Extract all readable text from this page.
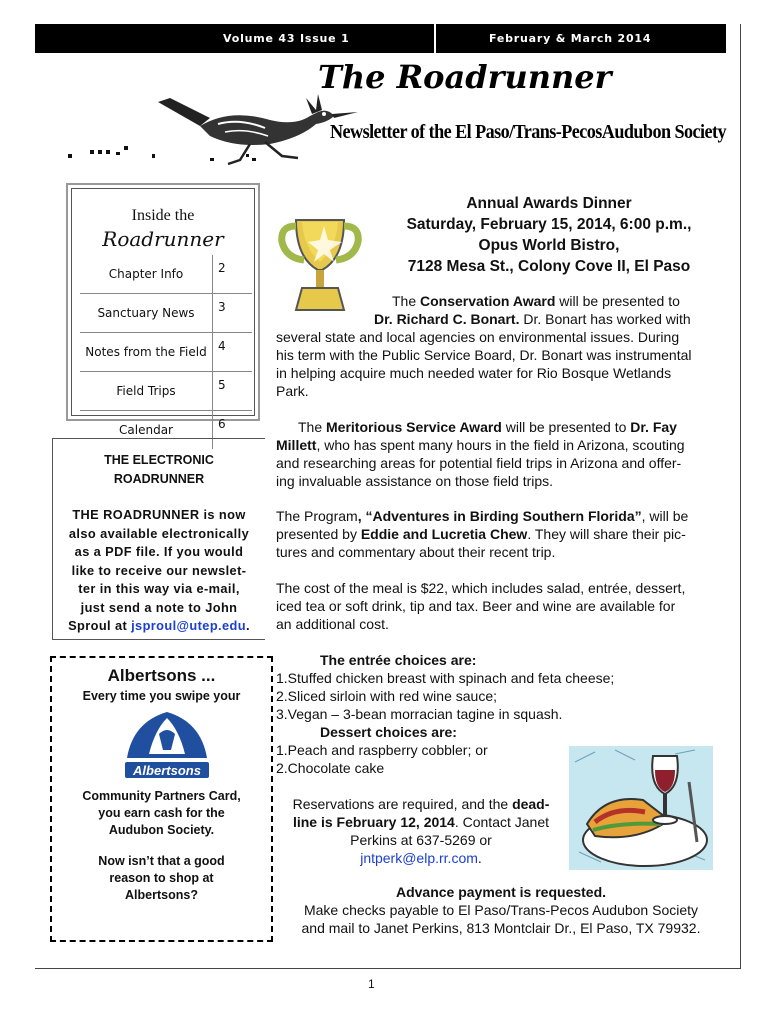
Volume 43 Issue 1	February & March 2014
The Roadrunner
Newsletter of the El Paso/Trans-PecosAudubon Society
Inside the
Roadrunner
Chapter Info	2
Sanctuary News	3
Notes from the Field	4
Field Trips	5
Calendar	6
THE ELECTRONIC
ROADRUNNER
THE ROADRUNNER is now
also available electronically
as a PDF file. If you would
like to receive our newslet-
ter in this way via e-mail,
just send a note to John
Sproul at jsproul@utep.edu.
Albertsons ...
Every time you swipe your
Albertsons
Community Partners Card,
you earn cash for the
Audubon Society.
Now isn’t that a good
reason to shop at
Albertsons?
Annual Awards Dinner
Saturday, February 15, 2014, 6:00 p.m.,
Opus World Bistro,
7128 Mesa St., Colony Cove II, El Paso
The Conservation Award will be presented to
Dr. Richard C. Bonart. Dr. Bonart has worked with
several state and local agencies on environmental issues. During
his term with the Public Service Board, Dr. Bonart was instrumental
in helping acquire much needed water for Rio Bosque Wetlands
Park.
The Meritorious Service Award will be presented to Dr. Fay
Millett, who has spent many hours in the field in Arizona, scouting
and researching areas for potential field trips in Arizona and offer-
ing invaluable assistance on those field trips.
The Program, “Adventures in Birding Southern Florida”, will be
presented by Eddie and Lucretia Chew. They will share their pic-
tures and commentary about their recent trip.
The cost of the meal is $22, which includes salad, entrée, dessert,
iced tea or soft drink, tip and tax. Beer and wine are available for
an additional cost.
The entrée choices are:
1.Stuffed chicken breast with spinach and feta cheese;
2.Sliced sirloin with red wine sauce;
3.Vegan – 3-bean morracian tagine in squash.
Dessert choices are:
1.Peach and raspberry cobbler; or
2.Chocolate cake
Reservations are required, and the dead-
line is February 12, 2014. Contact Janet
Perkins at 637-5269 or
jntperk@elp.rr.com.
Advance payment is requested.
Make checks payable to El Paso/Trans-Pecos Audubon Society
and mail to Janet Perkins, 813 Montclair Dr., El Paso, TX 79932.
1
